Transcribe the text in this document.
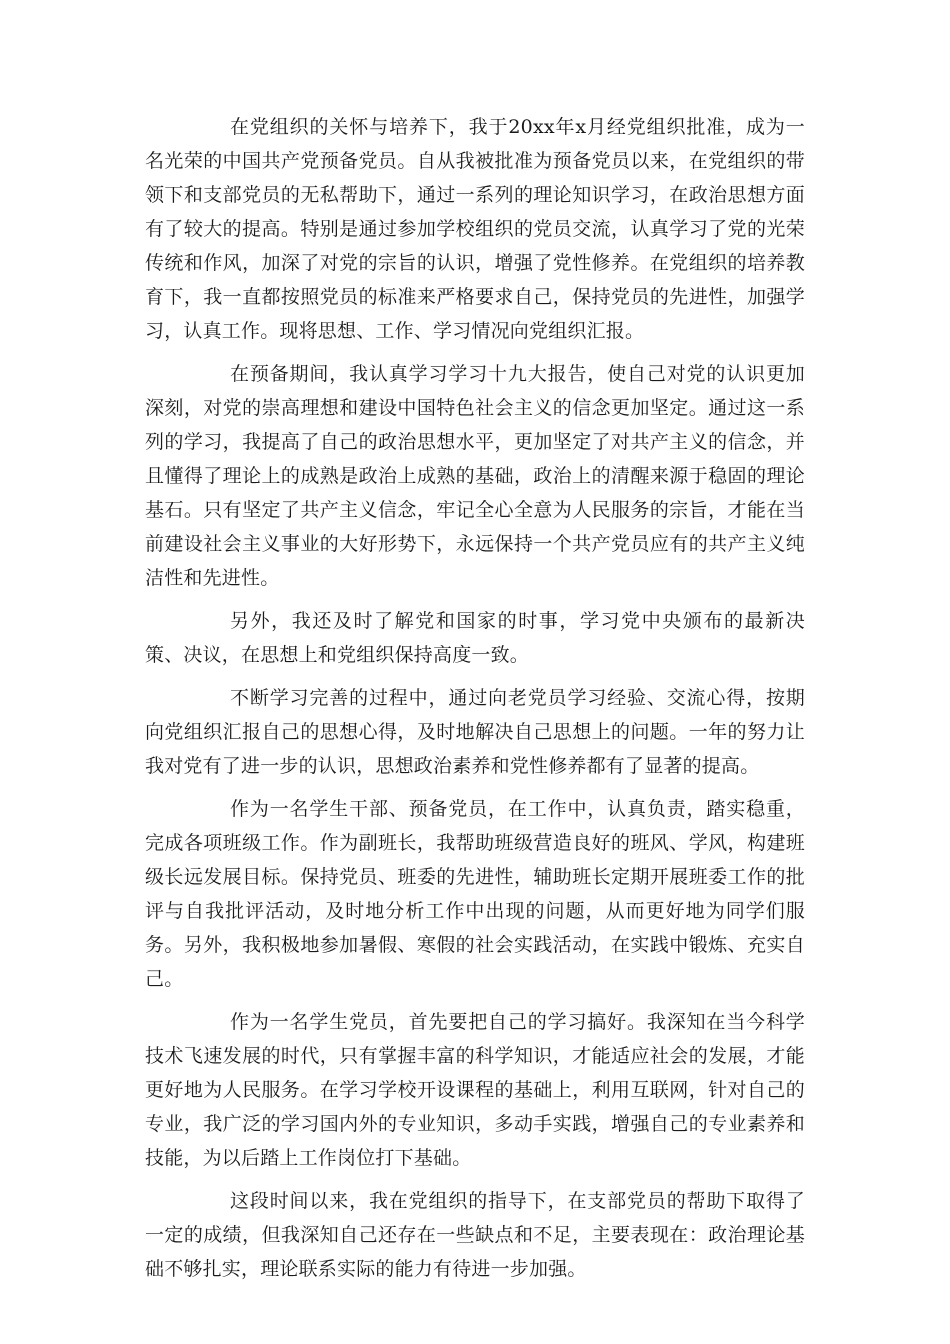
在党组织的关怀与培养下，我于20xx年x月经党组织批准，成为一名光荣的中国共产党预备党员。自从我被批准为预备党员以来，在党组织的带领下和支部党员的无私帮助下，通过一系列的理论知识学习，在政治思想方面有了较大的提高。特别是通过参加学校组织的党员交流，认真学习了党的光荣传统和作风，加深了对党的宗旨的认识，增强了党性修养。在党组织的培养教育下，我一直都按照党员的标准来严格要求自己，保持党员的先进性，加强学习，认真工作。现将思想、工作、学习情况向党组织汇报。

在预备期间，我认真学习学习十九大报告，使自己对党的认识更加深刻，对党的崇高理想和建设中国特色社会主义的信念更加坚定。通过这一系列的学习，我提高了自己的政治思想水平，更加坚定了对共产主义的信念，并且懂得了理论上的成熟是政治上成熟的基础，政治上的清醒来源于稳固的理论基石。只有坚定了共产主义信念，牢记全心全意为人民服务的宗旨，才能在当前建设社会主义事业的大好形势下，永远保持一个共产党员应有的共产主义纯洁性和先进性。

另外，我还及时了解党和国家的时事，学习党中央颁布的最新决策、决议，在思想上和党组织保持高度一致。

不断学习完善的过程中，通过向老党员学习经验、交流心得，按期向党组织汇报自己的思想心得，及时地解决自己思想上的问题。一年的努力让我对党有了进一步的认识，思想政治素养和党性修养都有了显著的提高。

作为一名学生干部、预备党员，在工作中，认真负责，踏实稳重，完成各项班级工作。作为副班长，我帮助班级营造良好的班风、学风，构建班级长远发展目标。保持党员、班委的先进性，辅助班长定期开展班委工作的批评与自我批评活动，及时地分析工作中出现的问题，从而更好地为同学们服务。另外，我积极地参加暑假、寒假的社会实践活动，在实践中锻炼、充实自己。

作为一名学生党员，首先要把自己的学习搞好。我深知在当今科学技术飞速发展的时代，只有掌握丰富的科学知识，才能适应社会的发展，才能更好地为人民服务。在学习学校开设课程的基础上，利用互联网，针对自己的专业，我广泛的学习国内外的专业知识，多动手实践，增强自己的专业素养和技能，为以后踏上工作岗位打下基础。

这段时间以来，我在党组织的指导下，在支部党员的帮助下取得了一定的成绩，但我深知自己还存在一些缺点和不足，主要表现在：政治理论基础不够扎实，理论联系实际的能力有待进一步加强。
